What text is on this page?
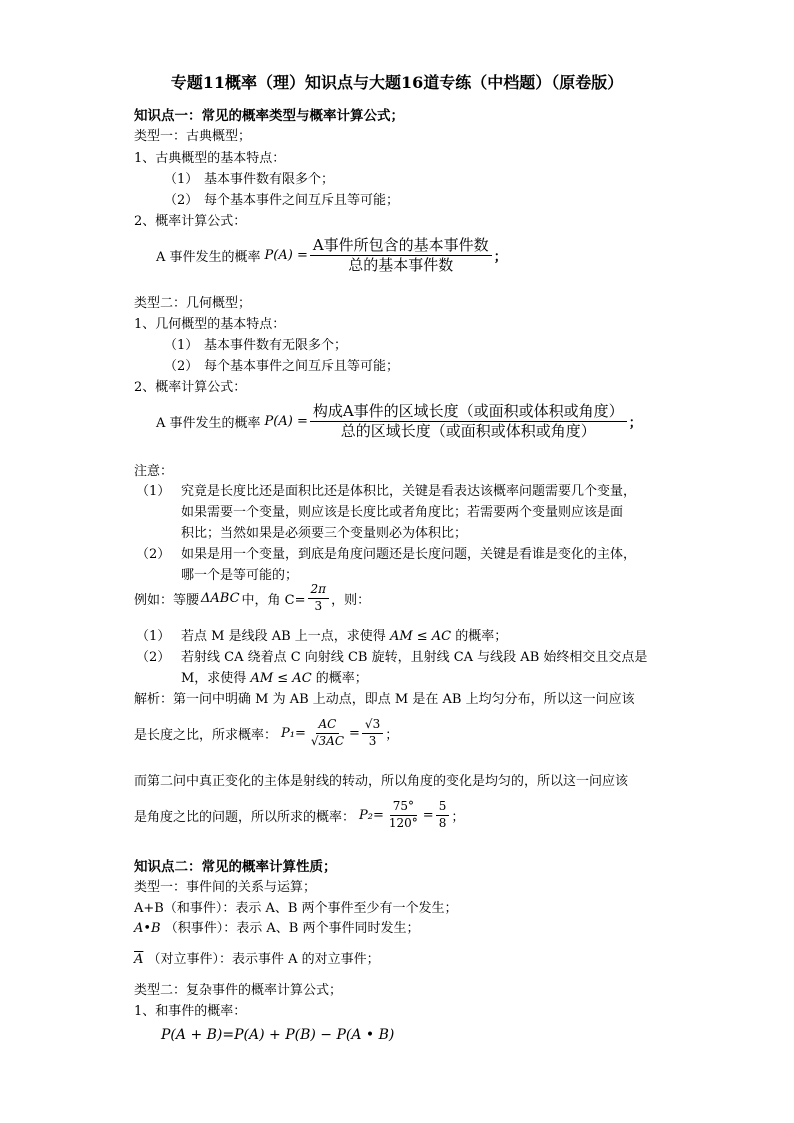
专题11概率（理）知识点与大题16道专练（中档题）（原卷版）
知识点一：常见的概率类型与概率计算公式；
类型一：古典概型；
1、古典概型的基本特点：
（1） 基本事件数有限多个；
（2） 每个基本事件之间互斥且等可能；
2、概率计算公式：
A 事件发生的概率 $P(A) = \frac{\text{A事件所包含的基本事件数}}{\text{总的基本事件数}}$ ；
类型二：几何概型；
1、几何概型的基本特点：
（1） 基本事件数有无限多个；
（2） 每个基本事件之间互斥且等可能；
2、概率计算公式：
A 事件发生的概率 $P(A) = \frac{\text{构成A事件的区域长度（或面积或体积或角度）}}{\text{总的区域长度（或面积或体积或角度）}}$ ；
注意：
（1） 究竟是长度比还是面积比还是体积比，关键是看表达该概率问题需要几个变量，
如果需要一个变量，则应该是长度比或者角度比；若需要两个变量则应该是面
积比；当然如果是必须要三个变量则必为体积比；
（2） 如果是用一个变量，到底是角度问题还是长度问题，关键是看谁是变化的主体，
哪一个是等可能的；
例如：等腰 ΔABC 中，角 $C= \frac{2\pi}{3}$ ，则：
（1） 若点 M 是线段 AB 上一点，求使得 AM ≤ AC 的概率；
（2） 若射线 CA 绕着点 C 向射线 CB 旋转，且射线 CA 与线段 AB 始终相交且交点是
M，求使得 AM ≤ AC 的概率；
解析：第一问中明确 M 为 AB 上动点，即点 M 是在 AB 上均匀分布，所以这一问应该
是长度之比，所求概率： $P_1= \frac{AC}{√3AC} = \frac{√3}{3}$ ；
而第二问中真正变化的主体是射线的转动，所以角度的变化是均匀的，所以这一问应该
是角度之比的问题，所以所求的概率： $P_2= \frac{75^\circ}{120^\circ} = \frac{5}{8}$ ；
知识点二：常见的概率计算性质；
类型一：事件间的关系与运算；
A+B（和事件）：表示 A、B 两个事件至少有一个发生；
A•B （积事件）：表示 A、B 两个事件同时发生；
$\overline{A}$ （对立事件）：表示事件 A 的对立事件；
类型二：复杂事件的概率计算公式；
1、和事件的概率：
P(A + B)=P(A) + P(B) − P(A • B)
